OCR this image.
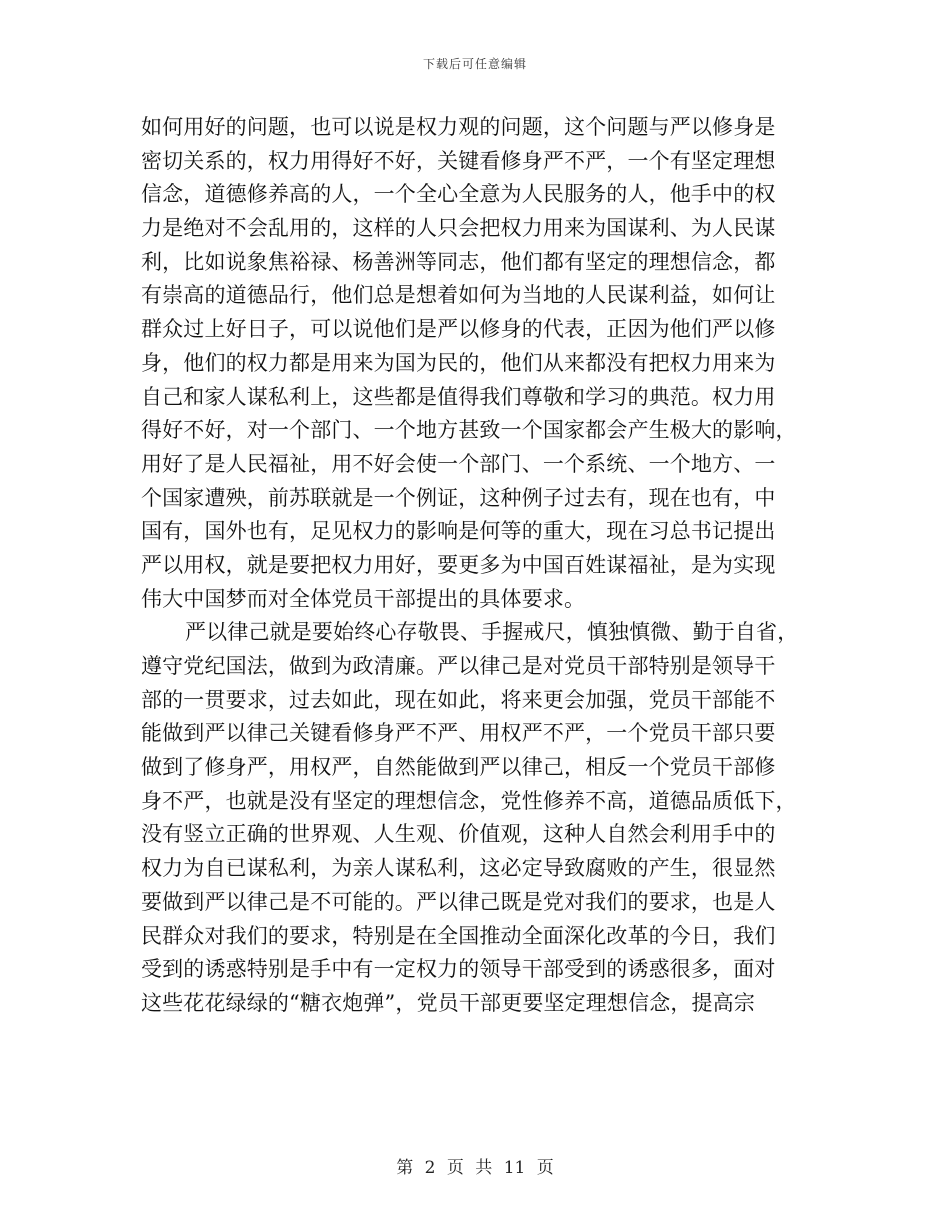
下载后可任意编辑
如何用好的问题，也可以说是权力观的问题，这个问题与严以修身是
密切关系的，权力用得好不好，关键看修身严不严，一个有坚定理想
信念，道德修养高的人，一个全心全意为人民服务的人，他手中的权
力是绝对不会乱用的，这样的人只会把权力用来为国谋利、为人民谋
利，比如说象焦裕禄、杨善洲等同志，他们都有坚定的理想信念，都
有崇高的道德品行，他们总是想着如何为当地的人民谋利益，如何让
群众过上好日子，可以说他们是严以修身的代表，正因为他们严以修
身，他们的权力都是用来为国为民的，他们从来都没有把权力用来为
自己和家人谋私利上，这些都是值得我们尊敬和学习的典范。权力用
得好不好，对一个部门、一个地方甚致一个国家都会产生极大的影响，
用好了是人民福祉，用不好会使一个部门、一个系统、一个地方、一
个国家遭殃，前苏联就是一个例证，这种例子过去有，现在也有，中
国有，国外也有，足见权力的影响是何等的重大，现在习总书记提出
严以用权，就是要把权力用好，要更多为中国百姓谋福祉，是为实现
伟大中国梦而对全体党员干部提出的具体要求。
严以律己就是要始终心存敬畏、手握戒尺，慎独慎微、勤于自省，
遵守党纪国法，做到为政清廉。严以律己是对党员干部特别是领导干
部的一贯要求，过去如此，现在如此，将来更会加强，党员干部能不
能做到严以律己关键看修身严不严、用权严不严，一个党员干部只要
做到了修身严，用权严，自然能做到严以律己，相反一个党员干部修
身不严，也就是没有坚定的理想信念，党性修养不高，道德品质低下，
没有竖立正确的世界观、人生观、价值观，这种人自然会利用手中的
权力为自已谋私利，为亲人谋私利，这必定导致腐败的产生，很显然
要做到严以律己是不可能的。严以律己既是党对我们的要求，也是人
民群众对我们的要求，特别是在全国推动全面深化改革的今日，我们
受到的诱惑特别是手中有一定权力的领导干部受到的诱惑很多，面对
这些花花绿绿的“糖衣炮弹”，党员干部更要坚定理想信念，提高宗
第 2 页 共 11 页
